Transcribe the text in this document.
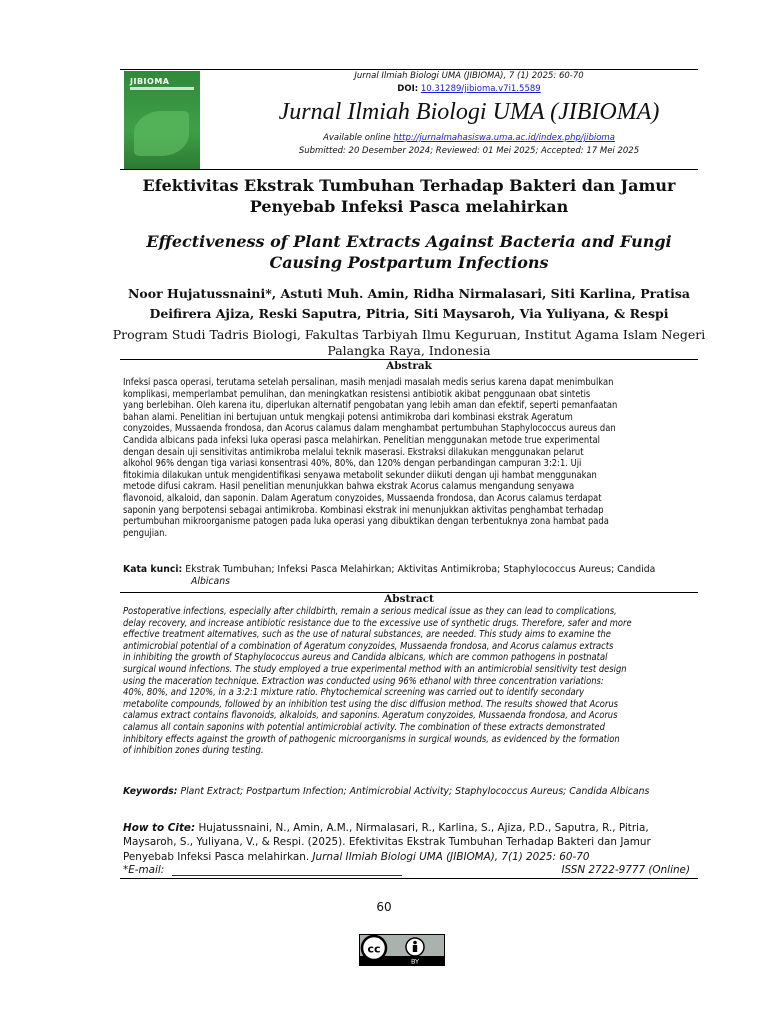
JIBIOMA
Jurnal Ilmiah Biologi UMA (JIBIOMA), 7 (1) 2025: 60-70
DOI: 10.31289/jibioma.v7i1.5589
Jurnal Ilmiah Biologi UMA (JIBIOMA)
Available online http://jurnalmahasiswa.uma.ac.id/index.php/jibioma
Submitted: 20 Desember 2024; Reviewed: 01 Mei 2025; Accepted: 17 Mei 2025
Efektivitas Ekstrak Tumbuhan Terhadap Bakteri dan Jamur
Penyebab Infeksi Pasca melahirkan
Effectiveness of Plant Extracts Against Bacteria and Fungi
Causing Postpartum Infections
Noor Hujatussnaini*, Astuti Muh. Amin, Ridha Nirmalasari, Siti Karlina, Pratisa
Deifirera Ajiza, Reski Saputra, Pitria, Siti Maysaroh, Via Yuliyana, & Respi
Program Studi Tadris Biologi, Fakultas Tarbiyah Ilmu Keguruan, Institut Agama Islam Negeri
Palangka Raya, Indonesia
Abstrak
Infeksi pasca operasi, terutama setelah persalinan, masih menjadi masalah medis serius karena dapat menimbulkan
komplikasi, memperlambat pemulihan, dan meningkatkan resistensi antibiotik akibat penggunaan obat sintetis
yang berlebihan. Oleh karena itu, diperlukan alternatif pengobatan yang lebih aman dan efektif, seperti pemanfaatan
bahan alami. Penelitian ini bertujuan untuk mengkaji potensi antimikroba dari kombinasi ekstrak Ageratum
conyzoides, Mussaenda frondosa, dan Acorus calamus dalam menghambat pertumbuhan Staphylococcus aureus dan
Candida albicans pada infeksi luka operasi pasca melahirkan. Penelitian menggunakan metode true experimental
dengan desain uji sensitivitas antimikroba melalui teknik maserasi. Ekstraksi dilakukan menggunakan pelarut
alkohol 96% dengan tiga variasi konsentrasi 40%, 80%, dan 120% dengan perbandingan campuran 3:2:1. Uji
fitokimia dilakukan untuk mengidentifikasi senyawa metabolit sekunder diikuti dengan uji hambat menggunakan
metode difusi cakram. Hasil penelitian menunjukkan bahwa ekstrak Acorus calamus mengandung senyawa
flavonoid, alkaloid, dan saponin. Dalam Ageratum conyzoides, Mussaenda frondosa, dan Acorus calamus terdapat
saponin yang berpotensi sebagai antimikroba. Kombinasi ekstrak ini menunjukkan aktivitas penghambat terhadap
pertumbuhan mikroorganisme patogen pada luka operasi yang dibuktikan dengan terbentuknya zona hambat pada
pengujian.
Kata kunci: Ekstrak Tumbuhan; Infeksi Pasca Melahirkan; Aktivitas Antimikroba; Staphylococcus Aureus; Candida
Albicans
Abstract
Postoperative infections, especially after childbirth, remain a serious medical issue as they can lead to complications,
delay recovery, and increase antibiotic resistance due to the excessive use of synthetic drugs. Therefore, safer and more
effective treatment alternatives, such as the use of natural substances, are needed. This study aims to examine the
antimicrobial potential of a combination of Ageratum conyzoides, Mussaenda frondosa, and Acorus calamus extracts
in inhibiting the growth of Staphylococcus aureus and Candida albicans, which are common pathogens in postnatal
surgical wound infections. The study employed a true experimental method with an antimicrobial sensitivity test design
using the maceration technique. Extraction was conducted using 96% ethanol with three concentration variations:
40%, 80%, and 120%, in a 3:2:1 mixture ratio. Phytochemical screening was carried out to identify secondary
metabolite compounds, followed by an inhibition test using the disc diffusion method. The results showed that Acorus
calamus extract contains flavonoids, alkaloids, and saponins. Ageratum conyzoides, Mussaenda frondosa, and Acorus
calamus all contain saponins with potential antimicrobial activity. The combination of these extracts demonstrated
inhibitory effects against the growth of pathogenic microorganisms in surgical wounds, as evidenced by the formation
of inhibition zones during testing.
Keywords: Plant Extract; Postpartum Infection; Antimicrobial Activity; Staphylococcus Aureus; Candida Albicans
How to Cite: Hujatussnaini, N., Amin, A.M., Nirmalasari, R., Karlina, S., Ajiza, P.D., Saputra, R., Pitria,
Maysaroh, S., Yuliyana, V., & Respi. (2025). Efektivitas Ekstrak Tumbuhan Terhadap Bakteri dan Jamur
Penyebab Infeksi Pasca melahirkan. Jurnal Ilmiah Biologi UMA (JIBIOMA), 7(1) 2025: 60-70
*E-mail:	ISSN 2722-9777 (Online)
60
cc
BY
